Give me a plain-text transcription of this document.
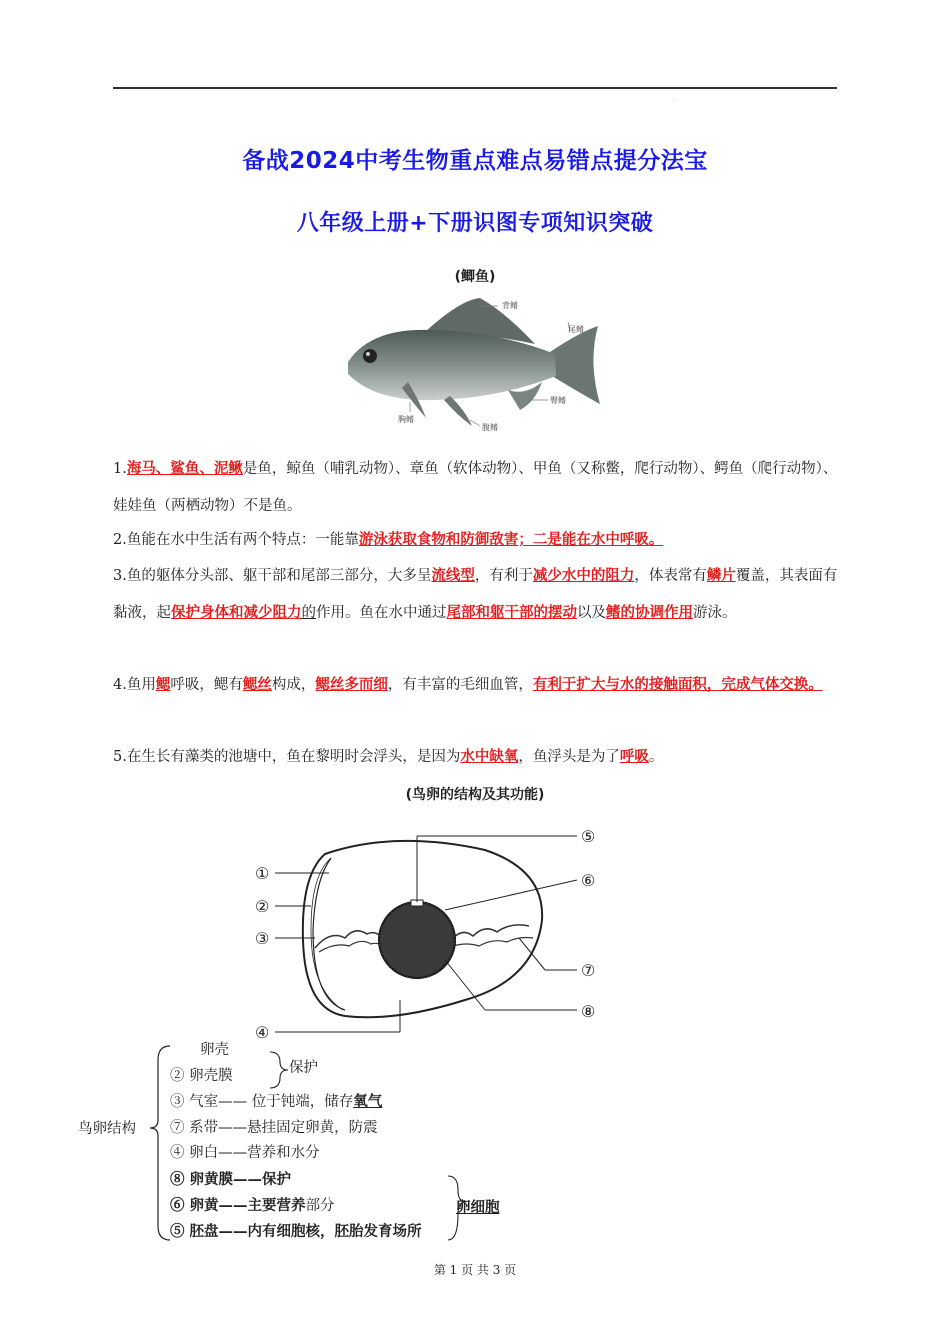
˙
备战2024中考生物重点难点易错点提分法宝
八年级上册+下册识图专项知识突破
(鲫鱼)
背鳍
尾鳍
臀鳍
胸鳍
腹鳍
1.海马、鲨鱼、泥鳅是鱼，鲸鱼（哺乳动物）、章鱼（软体动物）、甲鱼（又称鳖，爬行动物）、鳄鱼（爬行动物）、娃娃鱼（两栖动物）不是鱼。
2.鱼能在水中生活有两个特点：一能靠游泳获取食物和防御敌害；二是能在水中呼吸。
3.鱼的躯体分头部、躯干部和尾部三部分，大多呈流线型，有利于减少水中的阻力，体表常有鳞片覆盖，其表面有黏液，起保护身体和减少阻力的作用。鱼在水中通过尾部和躯干部的摆动以及鳍的协调作用游泳。
4.鱼用鳃呼吸，鳃有鳃丝构成，鳃丝多而细，有丰富的毛细血管，有利于扩大与水的接触面积，完成气体交换。
5.在生长有藻类的池塘中，鱼在黎明时会浮头，是因为水中缺氧，鱼浮头是为了呼吸。
(鸟卵的结构及其功能)
①
②
③
④
⑤
⑥
⑦
⑧
鸟卵结构
卵壳
② 卵壳膜
③ 气室—— 位于钝端，储存氧气
⑦ 系带——悬挂固定卵黄，防震
④ 卵白——营养和水分
⑧ 卵黄膜——保护
⑥ 卵黄——主要营养部分
⑤ 胚盘——内有细胞核，胚胎发育场所
保护
卵细胞
第 1 页 共 3 页
